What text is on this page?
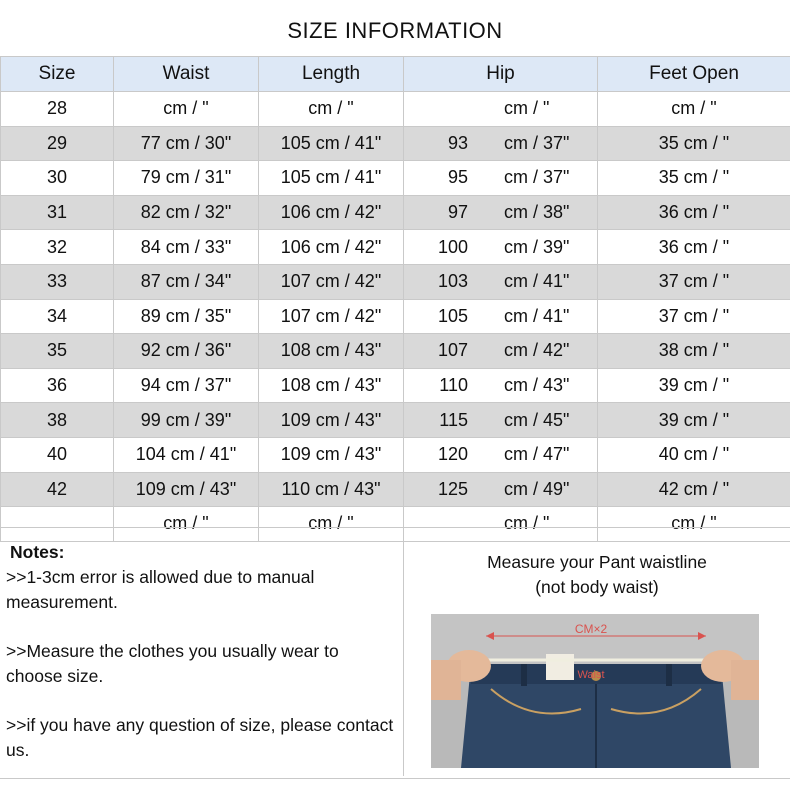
SIZE INFORMATION
Size	Waist	Length	Hip	Feet Open
28	cm / "	cm / "	cm / "	cm / "

29	77 cm / 30"	105 cm / 41"	93 cm / 37"	35 cm / "

30	79 cm / 31"	105 cm / 41"	95 cm / 37"	35 cm / "

31	82 cm / 32"	106 cm / 42"	97 cm / 38"	36 cm / "

32	84 cm / 33"	106 cm / 42"	100 cm / 39"	36 cm / "

33	87 cm / 34"	107 cm / 42"	103 cm / 41"	37 cm / "

34	89 cm / 35"	107 cm / 42"	105 cm / 41"	37 cm / "

35	92 cm / 36"	108 cm / 43"	107 cm / 42"	38 cm / "

36	94 cm / 37"	108 cm / 43"	110 cm / 43"	39 cm / "

38	99 cm / 39"	109 cm / 43"	115 cm / 45"	39 cm / "

40	104 cm / 41"	109 cm / 43"	120 cm / 47"	40 cm / "

42	109 cm / 43"	110 cm / 43"	125 cm / 49"	42 cm / "

	cm / "	cm / "	cm / "	cm / "

Notes:

>>1-3cm error is allowed due to manual measurement.

>>Measure the clothes you usually wear to choose size.

>>if you have any question of size, please contact us.

Measure your Pant waistline
(not body waist)
CM×2
Waist
